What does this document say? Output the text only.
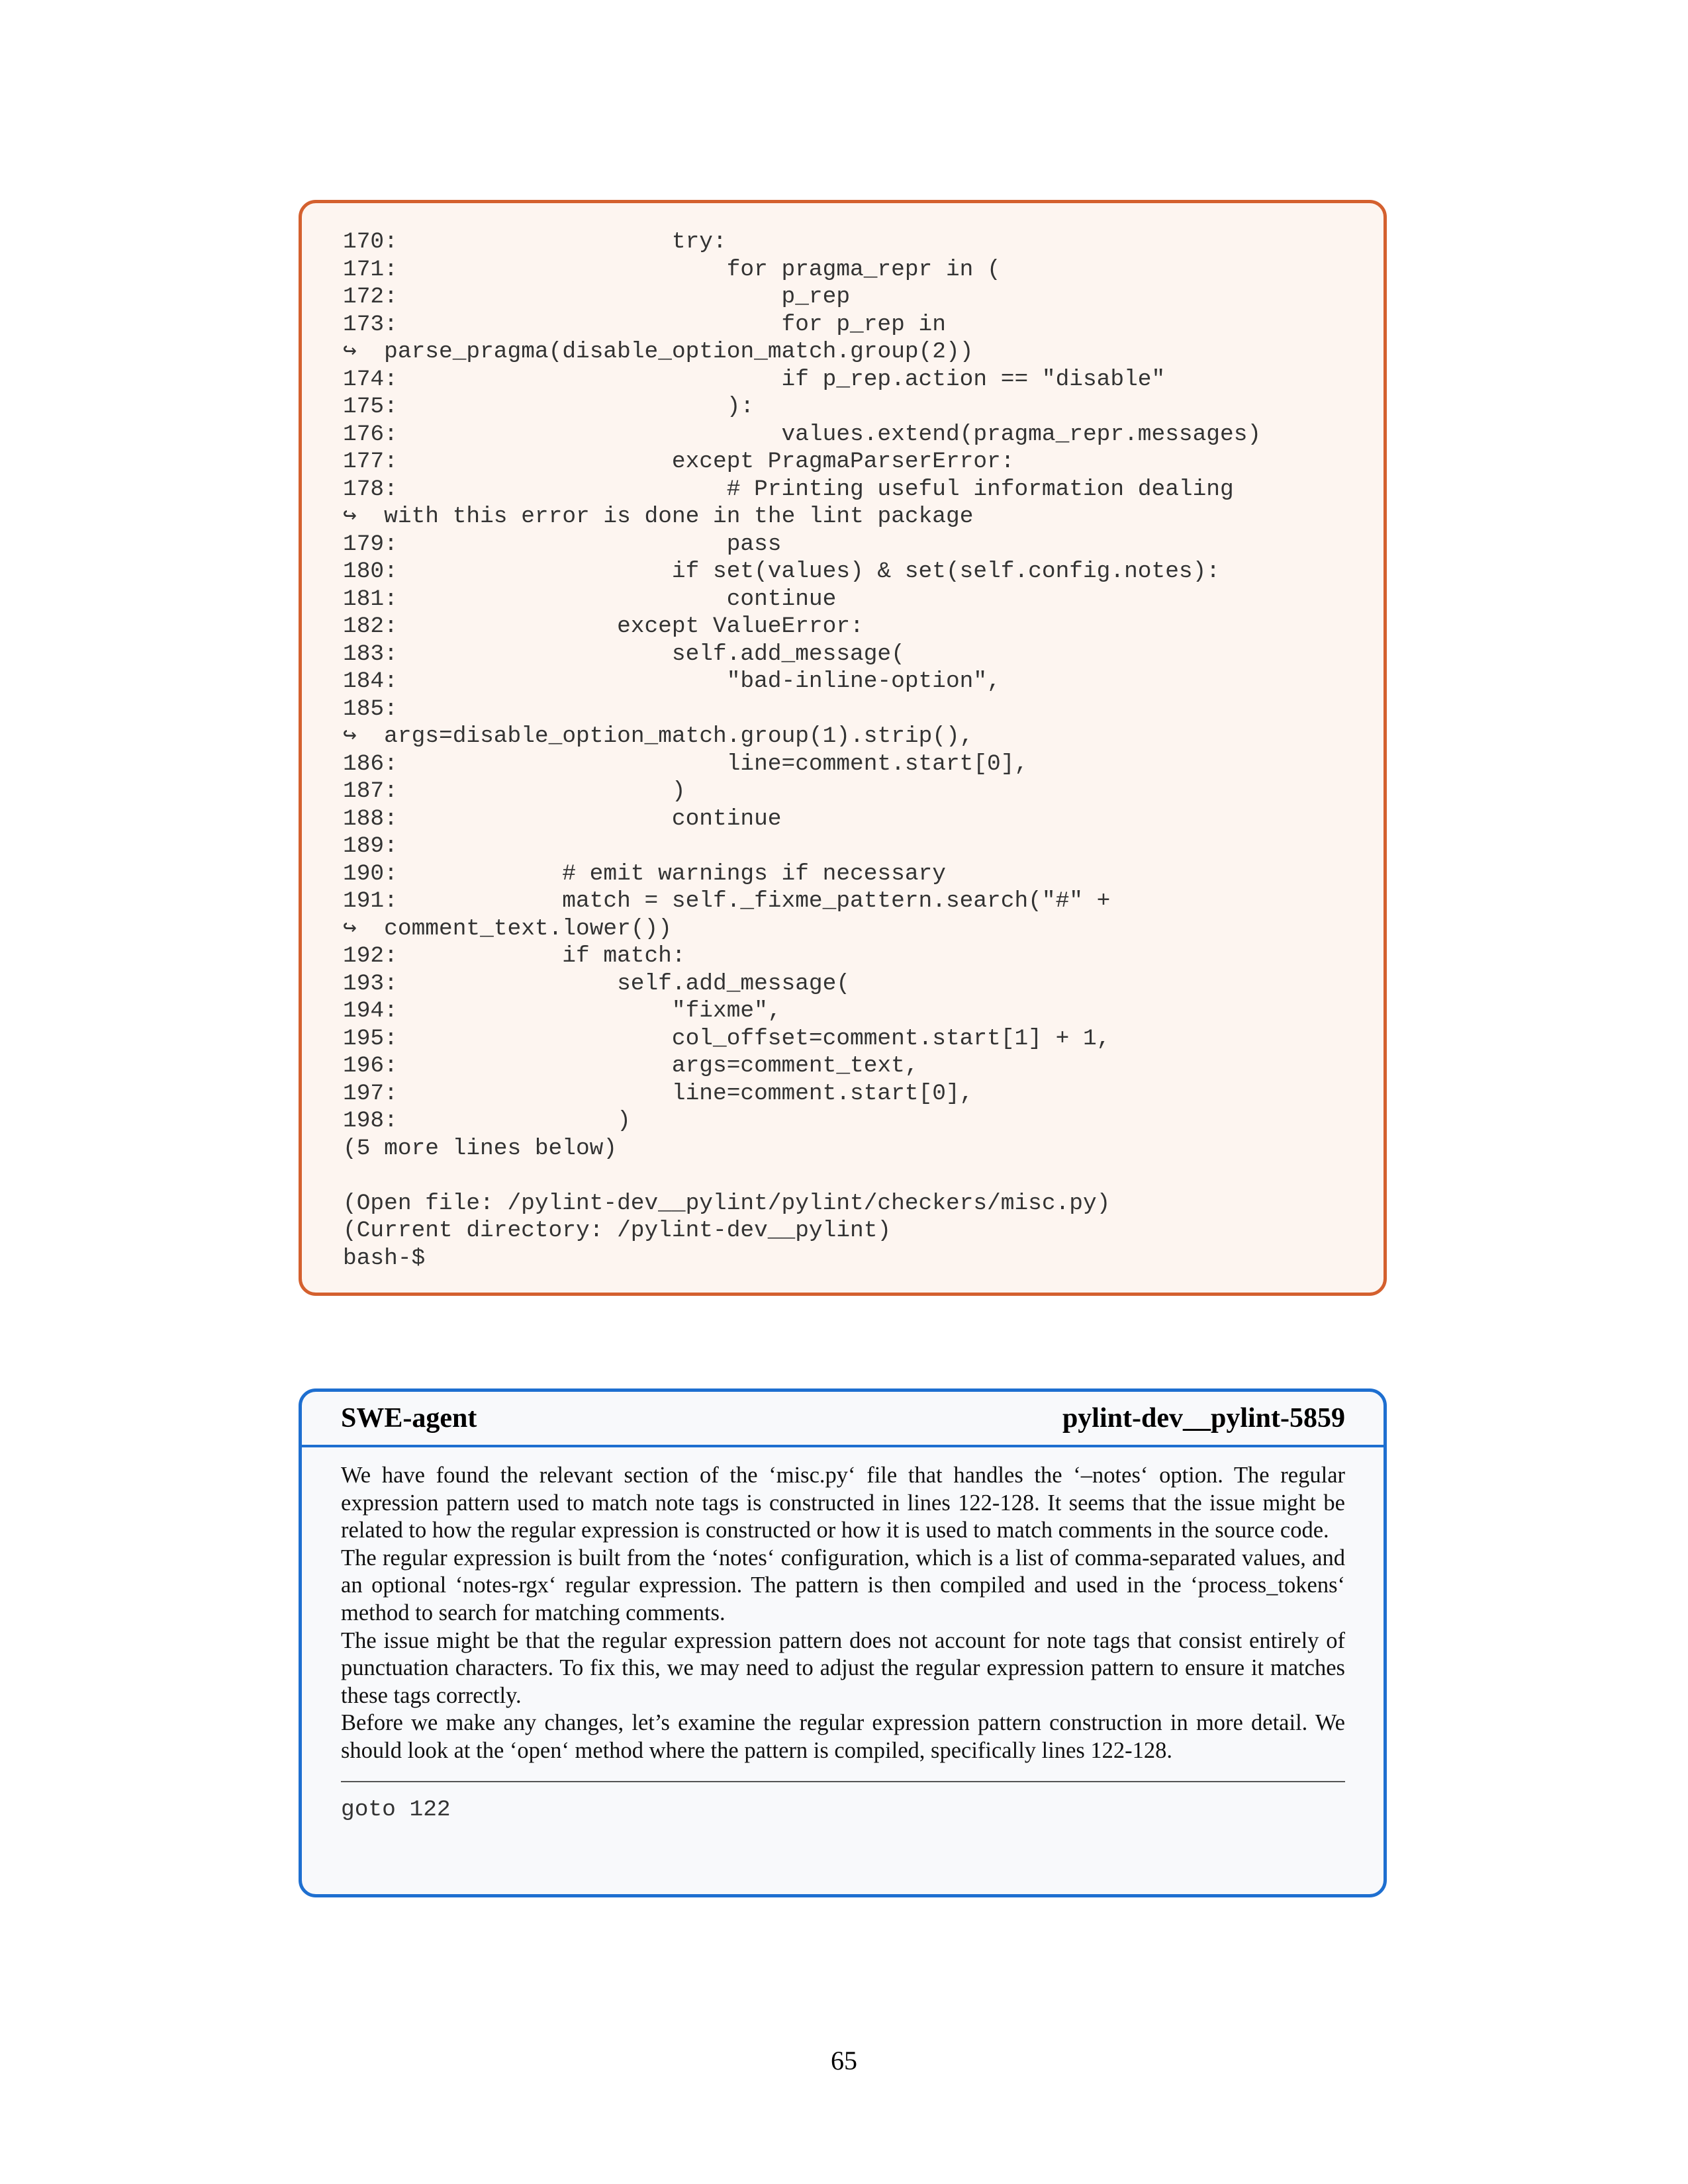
170:                    try:
171:                        for pragma_repr in (
172:                            p_rep
173:                            for p_rep in
↪  parse_pragma(disable_option_match.group(2))
174:                            if p_rep.action == "disable"
175:                        ):
176:                            values.extend(pragma_repr.messages)
177:                    except PragmaParserError:
178:                        # Printing useful information dealing
↪  with this error is done in the lint package
179:                        pass
180:                    if set(values) & set(self.config.notes):
181:                        continue
182:                except ValueError:
183:                    self.add_message(
184:                        "bad-inline-option",
185:
↪  args=disable_option_match.group(1).strip(),
186:                        line=comment.start[0],
187:                    )
188:                    continue
189:
190:            # emit warnings if necessary
191:            match = self._fixme_pattern.search("#" +
↪  comment_text.lower())
192:            if match:
193:                self.add_message(
194:                    "fixme",
195:                    col_offset=comment.start[1] + 1,
196:                    args=comment_text,
197:                    line=comment.start[0],
198:                )
(5 more lines below)

(Open file: /pylint-dev__pylint/pylint/checkers/misc.py)
(Current directory: /pylint-dev__pylint)
bash-$
SWE-agent	pylint-dev__pylint-5859

We have found the relevant section of the ‘misc.py‘ file that handles the ‘–notes‘ option. The regular expression pattern used to match note tags is constructed in lines 122-128. It seems that the issue might be related to how the regular expression is constructed or how it is used to match comments in the source code.

The regular expression is built from the ‘notes‘ configuration, which is a list of comma-separated values, and an optional ‘notes-rgx‘ regular expression. The pattern is then compiled and used in the ‘process_tokens‘ method to search for matching comments.

The issue might be that the regular expression pattern does not account for note tags that consist entirely of punctuation characters. To fix this, we may need to adjust the regular expression pattern to ensure it matches these tags correctly.

Before we make any changes, let’s examine the regular expression pattern construction in more detail. We should look at the ‘open‘ method where the pattern is compiled, specifically lines 122-128.

goto 122
65
